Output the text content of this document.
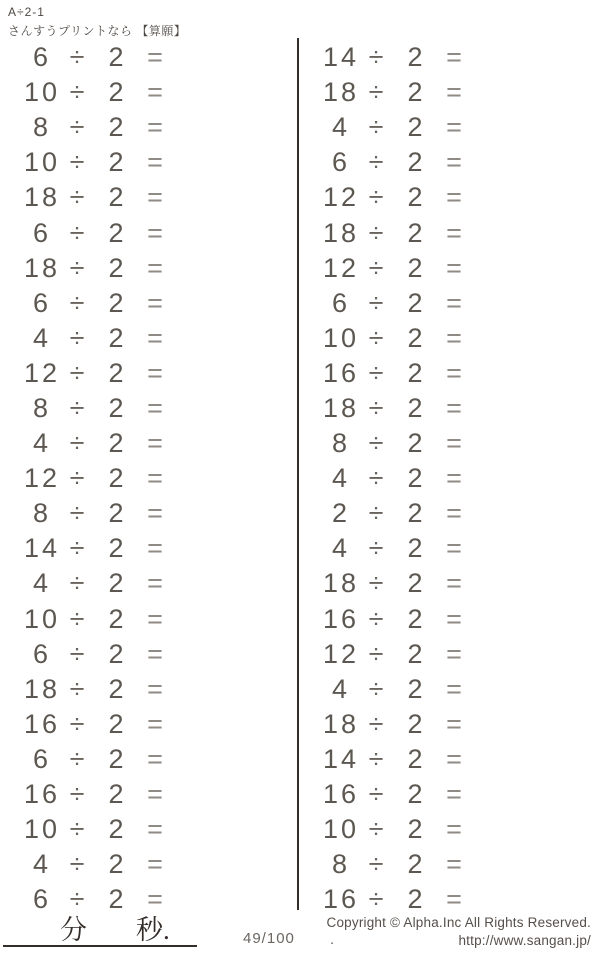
A÷2-1
さんすうプリントなら 【算願】
6 ÷ 2 =
10 ÷ 2 =
8 ÷ 2 =
10 ÷ 2 =
18 ÷ 2 =
6 ÷ 2 =
18 ÷ 2 =
6 ÷ 2 =
4 ÷ 2 =
12 ÷ 2 =
8 ÷ 2 =
4 ÷ 2 =
12 ÷ 2 =
8 ÷ 2 =
14 ÷ 2 =
4 ÷ 2 =
10 ÷ 2 =
6 ÷ 2 =
18 ÷ 2 =
16 ÷ 2 =
6 ÷ 2 =
16 ÷ 2 =
10 ÷ 2 =
4 ÷ 2 =
6 ÷ 2 =
14 ÷ 2 =
18 ÷ 2 =
4 ÷ 2 =
6 ÷ 2 =
12 ÷ 2 =
18 ÷ 2 =
12 ÷ 2 =
6 ÷ 2 =
10 ÷ 2 =
16 ÷ 2 =
18 ÷ 2 =
8 ÷ 2 =
4 ÷ 2 =
2 ÷ 2 =
4 ÷ 2 =
18 ÷ 2 =
16 ÷ 2 =
12 ÷ 2 =
4 ÷ 2 =
18 ÷ 2 =
14 ÷ 2 =
16 ÷ 2 =
10 ÷ 2 =
8 ÷ 2 =
16 ÷ 2 =
分 秒.	49/100 .
Copyright © Alpha.Inc All Rights Reserved.
http://www.sangan.jp/
